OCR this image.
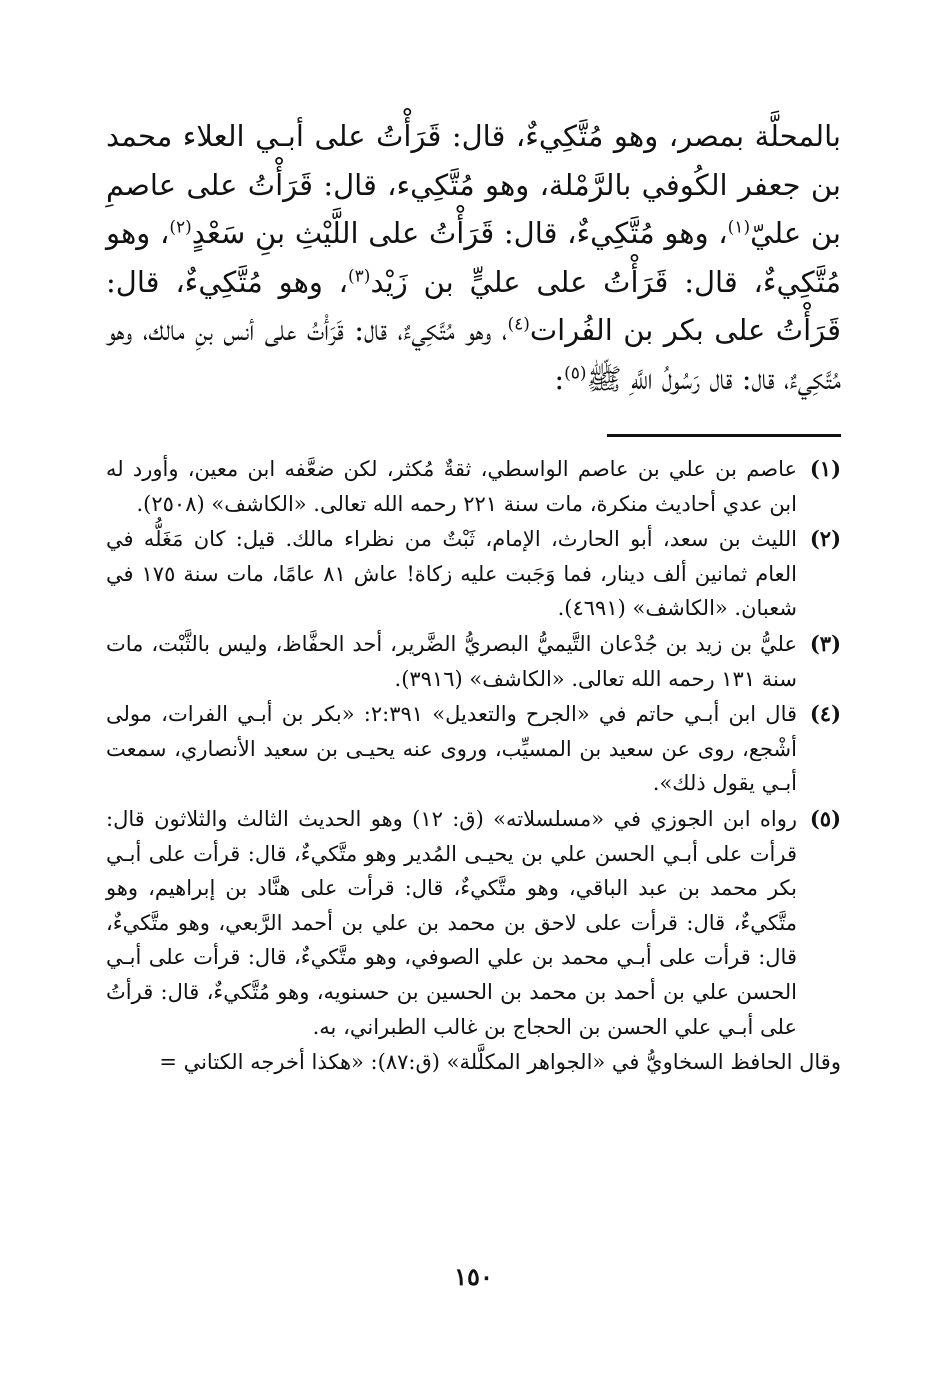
بالمحلَّة بمصر، وهو مُتَّكِيءٌ، قال: قَرَأْتُ على أبـي العلاء محمد بن جعفر الكُوفي بالرَّمْلة، وهو مُتَّكِيء، قال: قَرَأْتُ على عاصمِ بن عليّ$^{(١)}$، وهو مُتَّكِيءٌ، قال: قَرَأْتُ على اللَّيْثِ بنِ سَعْدٍ$^{(٢)}$، وهو مُتَّكِيءٌ، قال: قَرَأْتُ على عليٍّ بن زَيْد$^{(٣)}$، وهو مُتَّكِيءٌ، قال: قَرَأْتُ على بكر بن الفُرات$^{(٤)}$، وهو مُتَّكِيءٌ، قال: قَرَأْتُ على أنس بنِ مالك، وهو مُتَّكِيءٌ، قال: قال رَسُولُ اللَّهِ ﷺ$^{(٥)}$:

(١)
عاصم بن علي بن عاصم الواسطي، ثقةٌ مُكثر، لكن ضعَّفه ابن معين، وأورد له ابن عدي أحاديث منكرة، مات سنة ٢٢١ رحمه الله تعالى. «الكاشف» (٢٥٠٨).
(٢)
الليث بن سعد، أبو الحارث، الإمام، ثَبْتٌ من نظراء مالك. قيل: كان مَغَلُّه في العام ثمانين ألف دينار، فما وَجَبت عليه زكاة! عاش ٨١ عامًا، مات سنة ١٧٥ في شعبان. «الكاشف» (٤٦٩١).
(٣)
عليُّ بن زيد بن جُدْعان التَّيميُّ البصريُّ الضَّرير، أحد الحفَّاظ، وليس بالثَّبْت، مات سنة ١٣١ رحمه الله تعالى. «الكاشف» (٣٩١٦).
(٤)
قال ابن أبـي حاتم في «الجرح والتعديل» ٢:٣٩١: «بكر بن أبـي الفرات، مولى أشْجع، روى عن سعيد بن المسيِّب، وروى عنه يحيـى بن سعيد الأنصاري، سمعت أبـي يقول ذلك».
(٥)
رواه ابن الجوزي في «مسلسلاته» (ق: ١٢) وهو الحديث الثالث والثلاثون قال: قرأت على أبـي الحسن علي بن يحيـى المُدير وهو متَّكيءٌ، قال: قرأت على أبـي بكر محمد بن عبد الباقي، وهو متَّكيءٌ، قال: قرأت على هنَّاد بن إبراهيم، وهو متَّكيءٌ، قال: قرأت على لاحق بن محمد بن علي بن أحمد الرَّبعي، وهو متَّكيءٌ، قال: قرأت على أبـي محمد بن علي الصوفي، وهو متَّكيءٌ، قال: قرأت على أبـي الحسن علي بن أحمد بن محمد بن الحسين بن حسنويه، وهو مُتَّكيءٌ، قال: قرأتُ على أبـي علي الحسن بن الحجاج بن غالب الطبراني، به.

وقال الحافظ السخاويُّ في «الجواهر المكلَّلة» (ق:٨٧): «هكذا أخرجه الكتاني =

١٥٠
